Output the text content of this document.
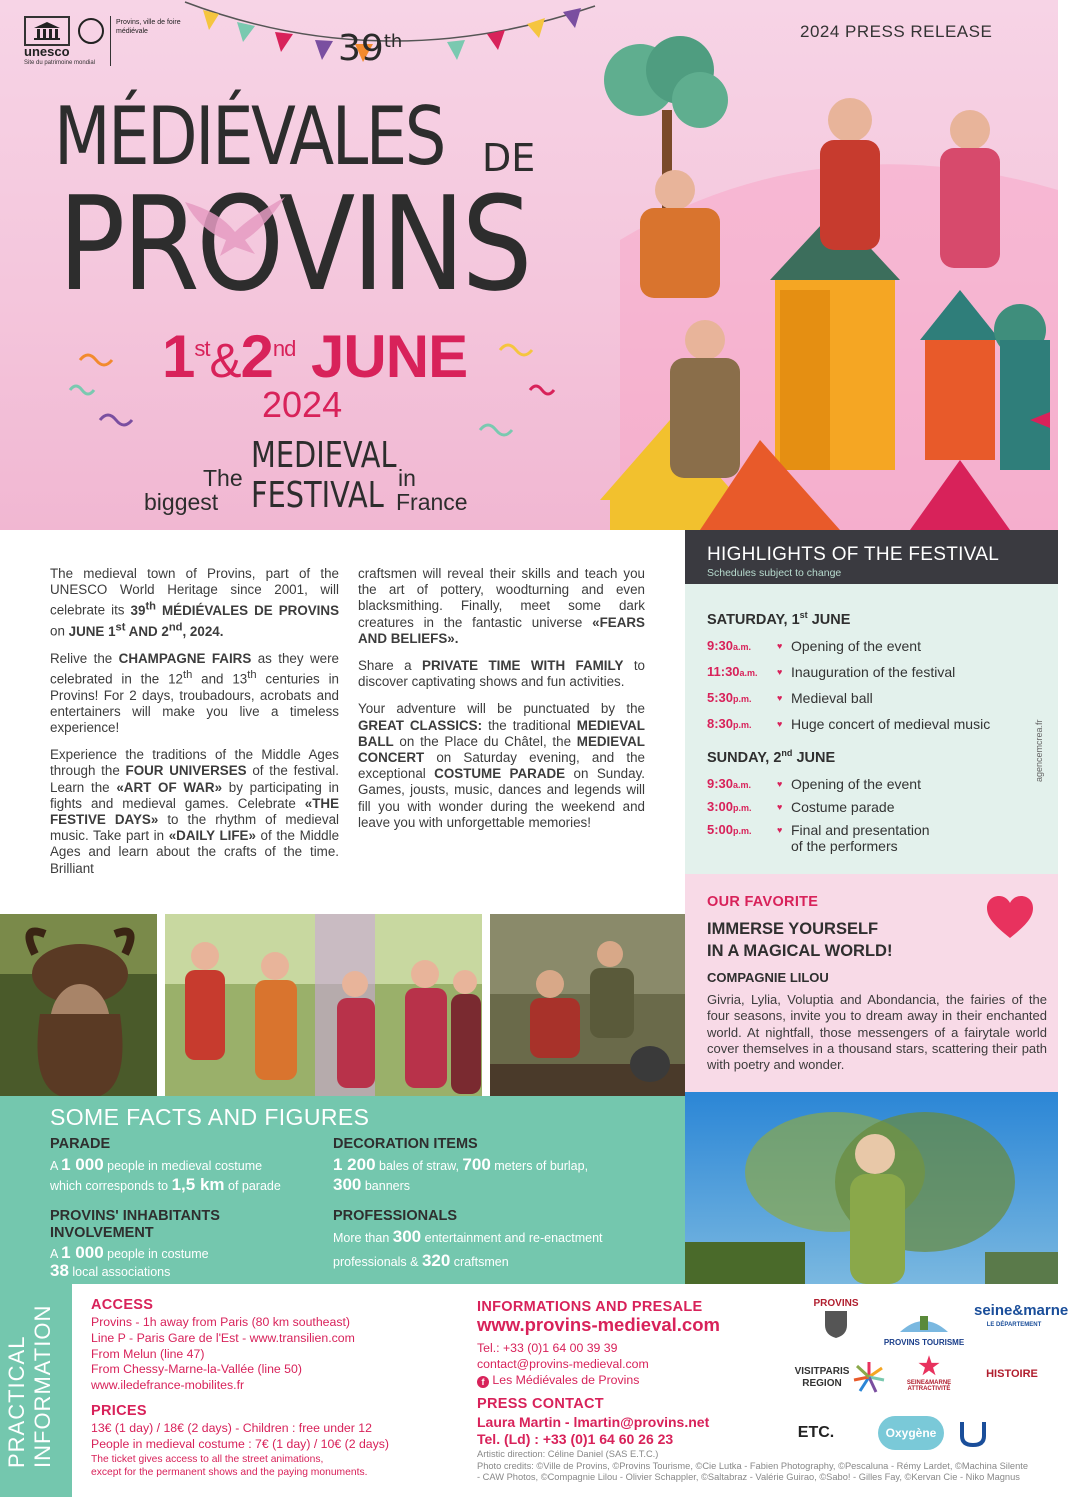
unesco
Site du patrimoine mondial
Provins, ville de foire médiévale	39th
MÉDIÉVALES DE
PROVINS
1st&2nd JUNE
2024
The
biggest
MEDIEVAL
FESTIVAL in
France
2024 PRESS RELEASE

The medieval town of Provins, part of the UNESCO World Heritage since 2001, will celebrate its 39th MÉDIÉVALES DE PROVINS on JUNE 1st AND 2nd, 2024.

Relive the CHAMPAGNE FAIRS as they were celebrated in the 12th and 13th centuries in Provins! For 2 days, troubadours, acrobats and entertainers will make you live a timeless experience!

Experience the traditions of the Middle Ages through the FOUR UNIVERSES of the festival. Learn the «ART OF WAR» by participating in fights and medieval games. Celebrate «THE FESTIVE DAYS» to the rhythm of medieval music. Take part in «DAILY LIFE» of the Middle Ages and learn about the crafts of the time. Brilliant

craftsmen will reveal their skills and teach you the art of pottery, woodturning and even blacksmithing. Finally, meet some dark creatures in the fantastic universe «FEARS AND BELIEFS».

Share a PRIVATE TIME WITH FAMILY to discover captivating shows and fun activities.

Your adventure will be punctuated by the GREAT CLASSICS: the traditional MEDIEVAL BALL on the Place du Châtel, the MEDIEVAL CONCERT on Saturday evening, and the exceptional COSTUME PARADE on Sunday. Games, jousts, music, dances and legends will fill you with wonder during the weekend and leave you with unforgettable memories!

HIGHLIGHTS OF THE FESTIVAL
Schedules subject to change
SATURDAY, 1st JUNE
9:30a.m.	♥ Opening of the event
11:30a.m. ♥ Inauguration of the festival
5:30p.m.	♥ Medieval ball
8:30p.m.	♥ Huge concert of medieval music
SUNDAY, 2nd JUNE
9:30a.m.	♥ Opening of the event
3:00p.m.	♥ Costume parade
5:00p.m.	♥ Final and presentation
of the performers
agencemcrea.fr
OUR FAVORITE
IMMERSE YOURSELF
IN A MAGICAL WORLD!
COMPAGNIE LILOU
Givria, Lylia, Voluptia and Abondancia, the fairies of the four seasons, invite you to dream away in their enchanted world. At nightfall, those messengers of a fairytale world cover themselves in a thousand stars, scattering their path with poetry and wonder.
SOME FACTS AND FIGURES
PARADE
A 1 000 people in medieval costume
which corresponds to 1,5 km of parade
PROVINS' INHABITANTS
INVOLVEMENT
A 1 000 people in costume
38 local associations
DECORATION ITEMS
1 200 bales of straw, 700 meters of burlap,
300 banners
PROFESSIONALS
More than 300 entertainment and re-enactment
professionals & 320 craftsmen
PRACTICAL INFORMATION ACCESS
Provins - 1h away from Paris (80 km southeast)
Line P - Paris Gare de l'Est - www.transilien.com
From Melun (line 47)
From Chessy-Marne-la-Vallée (line 50)
www.iledefrance-mobilites.fr
PRICES
13€ (1 day) / 18€ (2 days) - Children : free under 12
People in medieval costume : 7€ (1 day) / 10€ (2 days)
The ticket gives access to all the street animations,
except for the permanent shows and the paying monuments.
INFORMATIONS AND PRESALE
www.provins-medieval.com
Tel.: +33 (0)1 64 00 39 39
contact@provins-medieval.com
f Les Médiévales de Provins
PRESS CONTACT
Laura Martin - lmartin@provins.net
Tel. (Ld) : +33 (0)1 64 60 26 23
Artistic direction: Céline Daniel (SAS E.T.C.)
Photo credits: ©Ville de Provins, ©Provins Tourisme, ©Cie Lutka - Fabien Photography, ©Pescaluna - Rémy Lardet, ©Machina Silente
- CAW Photos, ©Compagnie Lilou - Olivier Schappler, ©Saltabraz - Valérie Guirao, ©Sabo! - Gilles Fay, ©Kervan Cie - Niko Magnus
PROVINS
PROVINS TOURISME
seine&marne
LE DÉPARTEMENT
VISITPARIS REGION
★
SEINE&MARNE ATTRACTIVITÉ
HISTOIRE
ETC.	Oxygène
